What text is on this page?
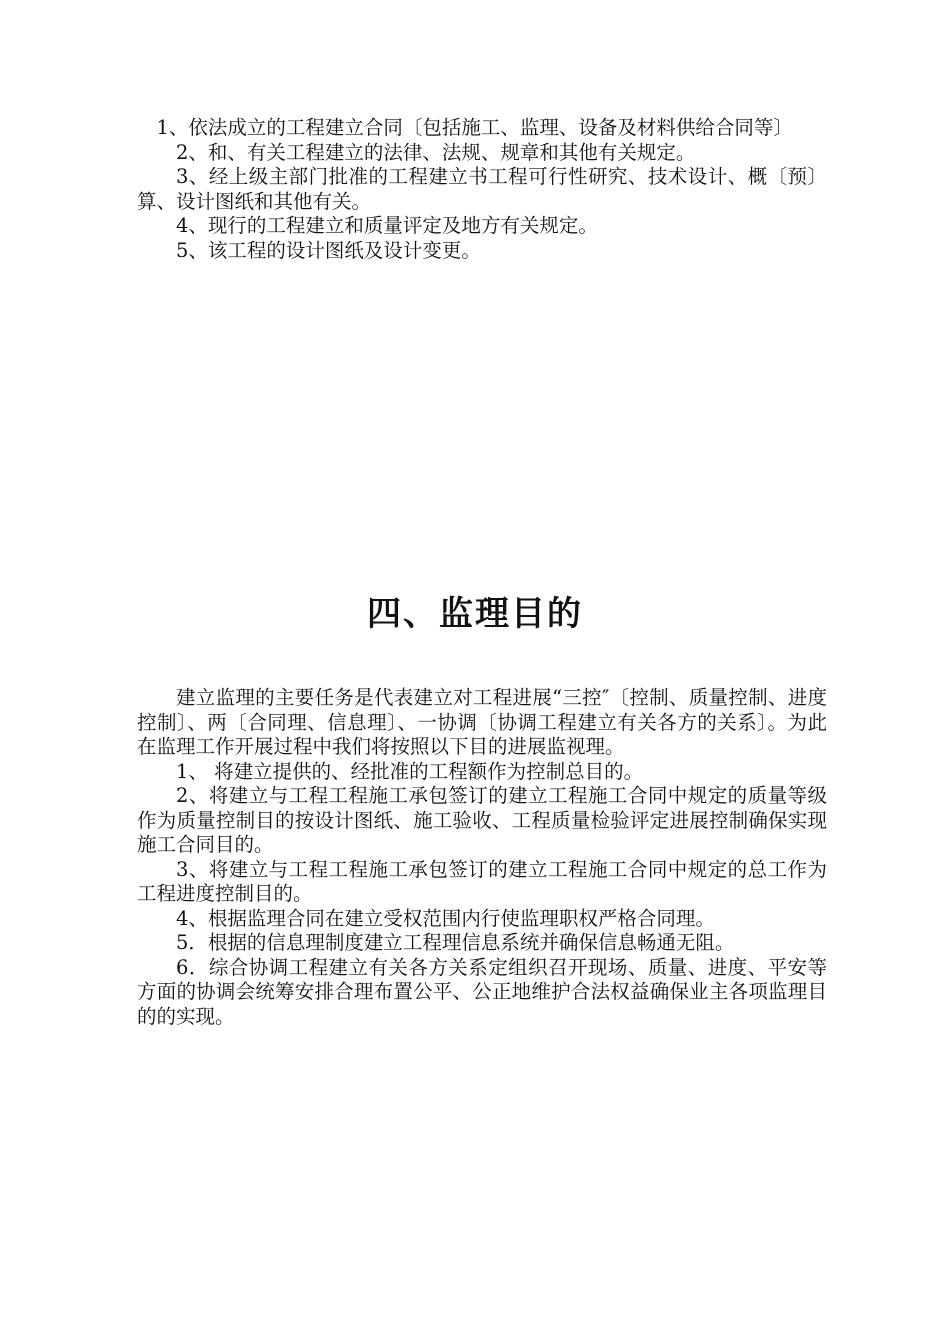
1、依法成立的工程建立合同〔包括施工、监理、设备及材料供给合同等〕

2、和、有关工程建立的法律、法规、规章和其他有关规定。

3、经上级主部门批准的工程建立书工程可行性研究、技术设计、概〔预〕算、设计图纸和其他有关。

4、现行的工程建立和质量评定及地方有关规定。

5、该工程的设计图纸及设计变更。

四、监理目的

建立监理的主要任务是代表建立对工程进展“三控″〔控制、质量控制、进度控制〕、两〔合同理、信息理〕、一协调〔协调工程建立有关各方的关系〕。为此在监理工作开展过程中我们将按照以下目的进展监视理。

1、 将建立提供的、经批准的工程额作为控制总目的。

2、将建立与工程工程施工承包签订的建立工程施工合同中规定的质量等级作为质量控制目的按设计图纸、施工验收、工程质量检验评定进展控制确保实现施工合同目的。

3、将建立与工程工程施工承包签订的建立工程施工合同中规定的总工作为工程进度控制目的。

4、根据监理合同在建立受权范围内行使监理职权严格合同理。

5．根据的信息理制度建立工程理信息系统并确保信息畅通无阻。

6．综合协调工程建立有关各方关系定组织召开现场、质量、进度、平安等方面的协调会统筹安排合理布置公平、公正地维护合法权益确保业主各项监理目的的实现。
